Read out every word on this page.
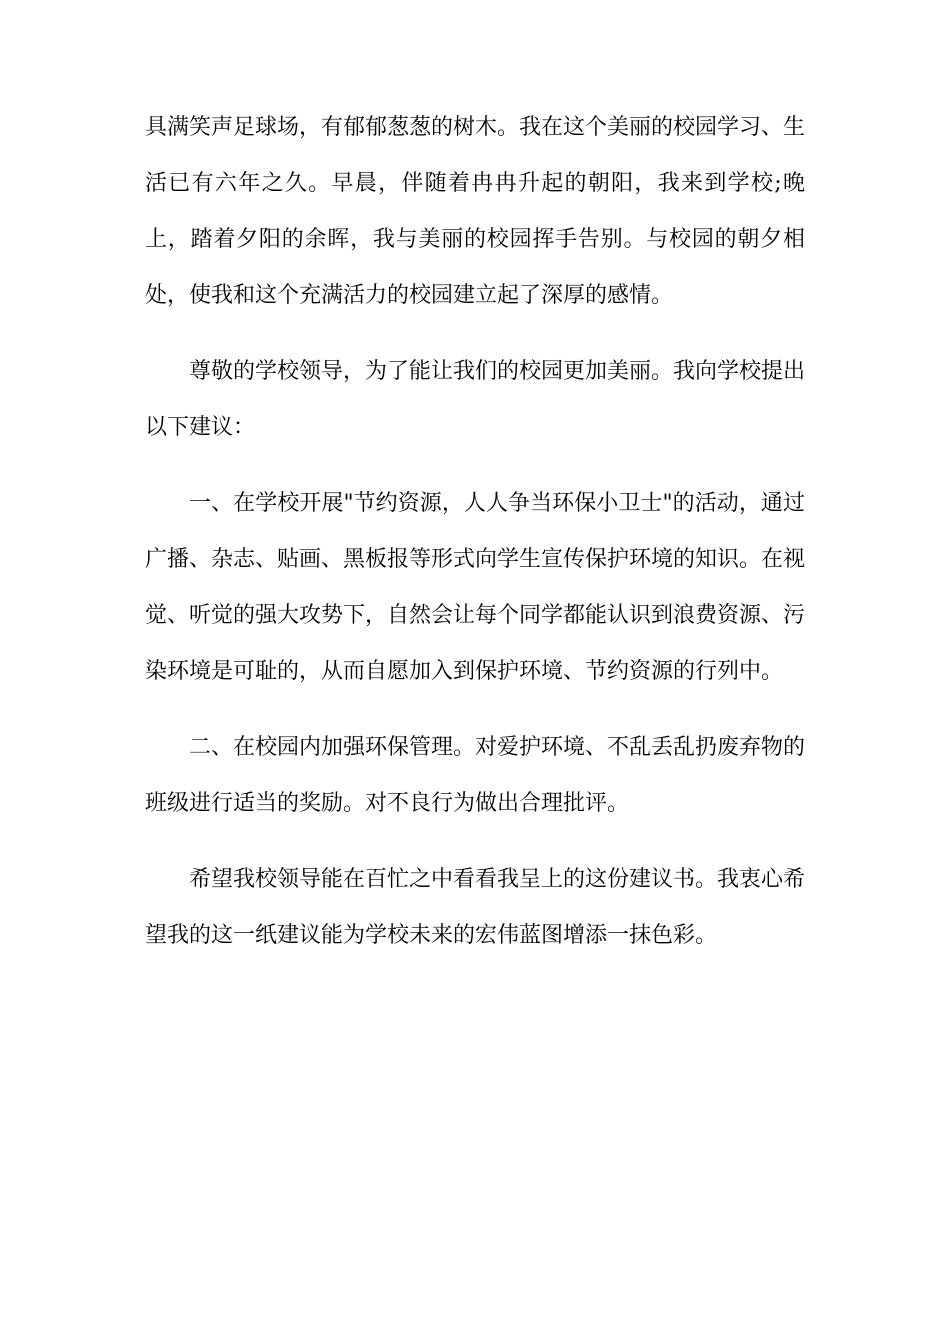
具满笑声足球场，有郁郁葱葱的树木。我在这个美丽的校园学习、生活已有六年之久。早晨，伴随着冉冉升起的朝阳，我来到学校;晚上，踏着夕阳的余晖，我与美丽的校园挥手告别。与校园的朝夕相处，使我和这个充满活力的校园建立起了深厚的感情。

尊敬的学校领导，为了能让我们的校园更加美丽。我向学校提出以下建议：

一、在学校开展"节约资源，人人争当环保小卫士"的活动，通过广播、杂志、贴画、黑板报等形式向学生宣传保护环境的知识。在视觉、听觉的强大攻势下，自然会让每个同学都能认识到浪费资源、污染环境是可耻的，从而自愿加入到保护环境、节约资源的行列中。

二、在校园内加强环保管理。对爱护环境、不乱丢乱扔废弃物的班级进行适当的奖励。对不良行为做出合理批评。

希望我校领导能在百忙之中看看我呈上的这份建议书。我衷心希望我的这一纸建议能为学校未来的宏伟蓝图增添一抹色彩。
